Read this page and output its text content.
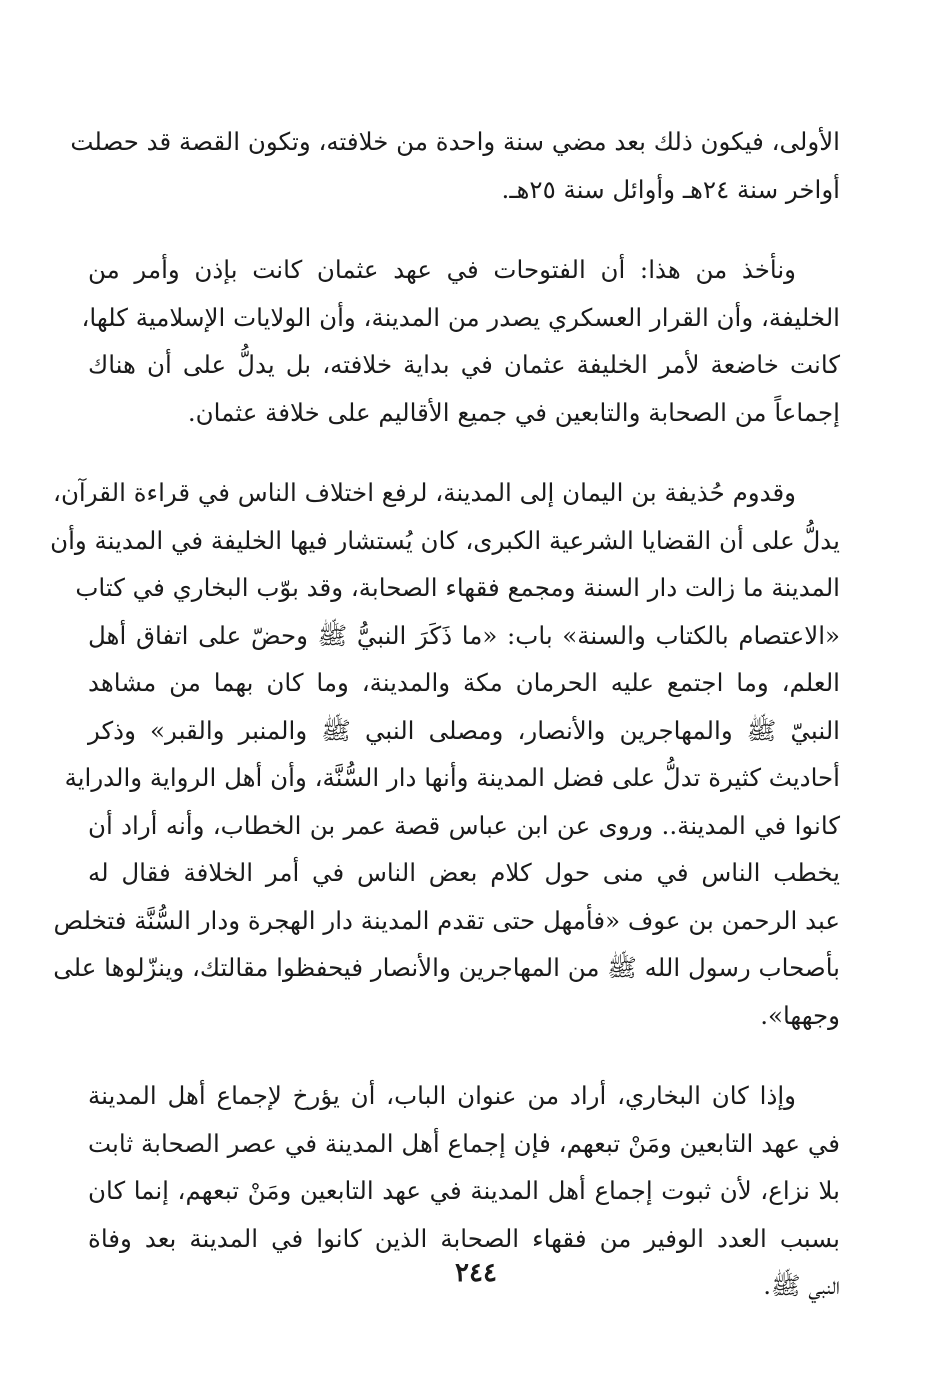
الأولى، فيكون ذلك بعد مضي سنة واحدة من خلافته، وتكون القصة قد حصلت
أواخر سنة ٢٤هـ وأوائل سنة ٢٥هـ.
ونأخذ من هذا: أن الفتوحات في عهد عثمان كانت بإذن وأمر من
الخليفة، وأن القرار العسكري يصدر من المدينة، وأن الولايات الإسلامية كلها،
كانت خاضعة لأمر الخليفة عثمان في بداية خلافته، بل يدلُّ على أن هناك
إجماعاً من الصحابة والتابعين في جميع الأقاليم على خلافة عثمان.
وقدوم حُذيفة بن اليمان إلى المدينة، لرفع اختلاف الناس في قراءة القرآن،
يدلُّ على أن القضايا الشرعية الكبرى، كان يُستشار فيها الخليفة في المدينة وأن
المدينة ما زالت دار السنة ومجمع فقهاء الصحابة، وقد بوّب البخاري في كتاب
«الاعتصام بالكتاب والسنة» باب: «ما ذَكَرَ النبيُّ ﷺ وحضّ على اتفاق أهل
العلم، وما اجتمع عليه الحرمان مكة والمدينة، وما كان بهما من مشاهد
النبيّ ﷺ والمهاجرين والأنصار، ومصلى النبي ﷺ والمنبر والقبر» وذكر
أحاديث كثيرة تدلُّ على فضل المدينة وأنها دار السُّنَّة، وأن أهل الرواية والدراية
كانوا في المدينة.. وروى عن ابن عباس قصة عمر بن الخطاب، وأنه أراد أن
يخطب الناس في منى حول كلام بعض الناس في أمر الخلافة فقال له
عبد الرحمن بن عوف «فأمهل حتى تقدم المدينة دار الهجرة ودار السُّنَّة فتخلص
بأصحاب رسول الله ﷺ من المهاجرين والأنصار فيحفظوا مقالتك، وينزّلوها على
وجهها».
وإذا كان البخاري، أراد من عنوان الباب، أن يؤرخ لإجماع أهل المدينة
في عهد التابعين ومَنْ تبعهم، فإن إجماع أهل المدينة في عصر الصحابة ثابت
بلا نزاع، لأن ثبوت إجماع أهل المدينة في عهد التابعين ومَنْ تبعهم، إنما كان
بسبب العدد الوفير من فقهاء الصحابة الذين كانوا في المدينة بعد وفاة
النبي ﷺ.
٢٤٤
